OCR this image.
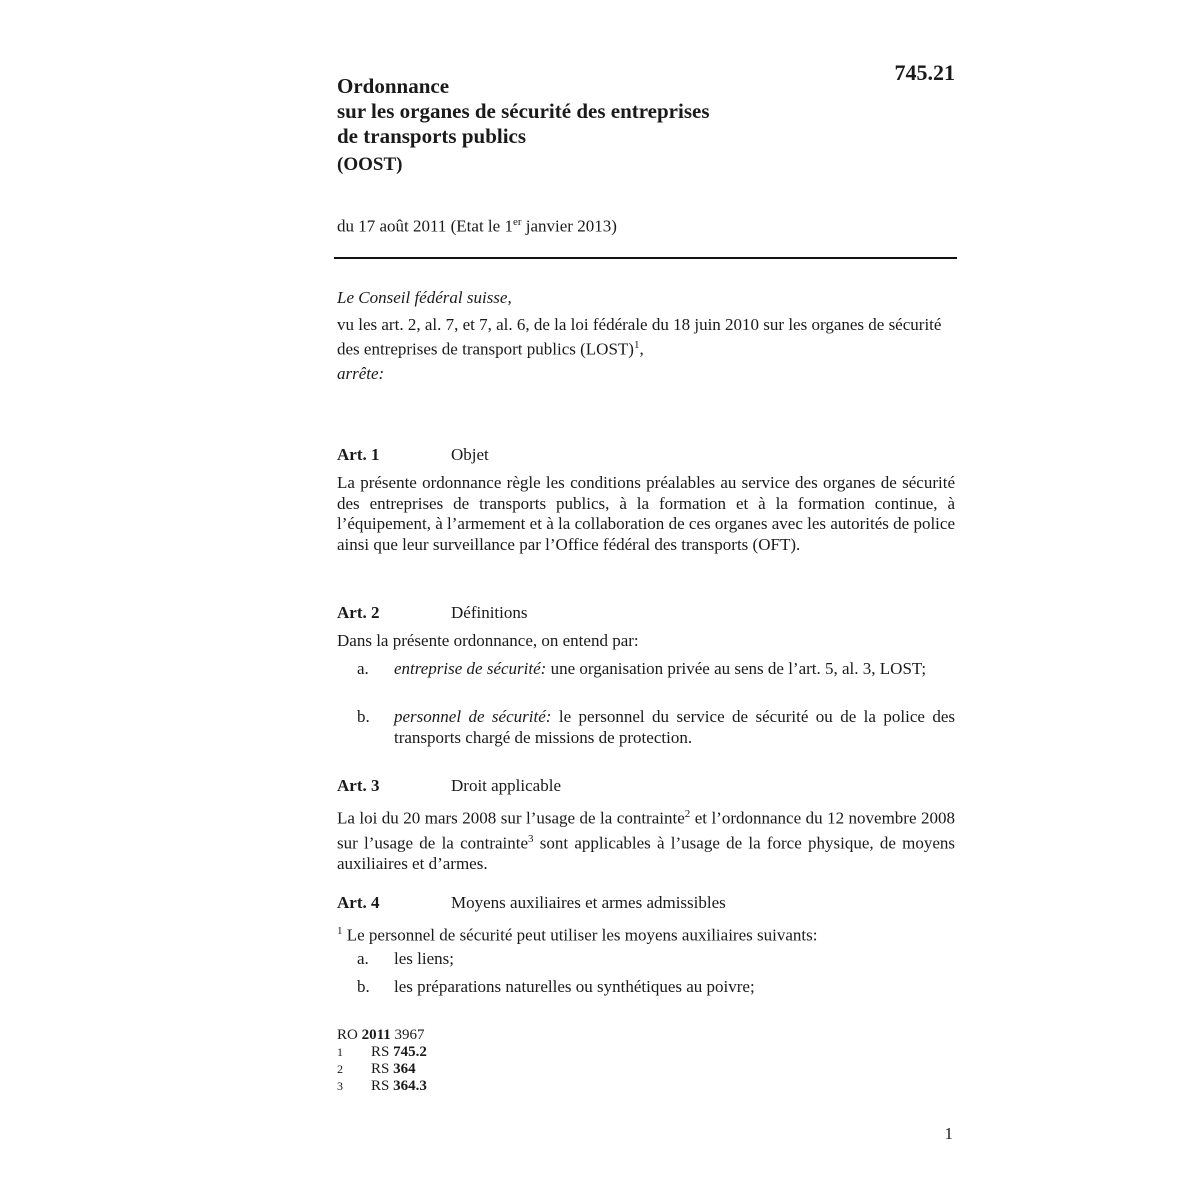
745.21
Ordonnance
sur les organes de sécurité des entreprises
de transports publics
(OOST)
du 17 août 2011 (Etat le 1er janvier 2013)

Le Conseil fédéral suisse,

vu les art. 2, al. 7, et 7, al. 6, de la loi fédérale du 18 juin 2010 sur les organes de sécurité des entreprises de transport publics (LOST)$^1$,

arrête:

Art. 1	Objet

La présente ordonnance règle les conditions préalables au service des organes de sécurité des entreprises de transports publics, à la formation et à la formation continue, à l’équipement, à l’armement et à la collaboration de ces organes avec les autorités de police ainsi que leur surveillance par l’Office fédéral des transports (OFT).

Art. 2	Définitions

Dans la présente ordonnance, on entend par:

a. entreprise de sécurité: une organisation privée au sens de l’art. 5, al. 3, LOST;
b. personnel de sécurité: le personnel du service de sécurité ou de la police des transports chargé de missions de protection.
Art. 3	Droit applicable

La loi du 20 mars 2008 sur l’usage de la contrainte$^2$ et l’ordonnance du 12 novembre 2008 sur l’usage de la contrainte$^3$ sont applicables à l’usage de la force physique, de moyens auxiliaires et d’armes.

Art. 4	Moyens auxiliaires et armes admissibles

$^1$ Le personnel de sécurité peut utiliser les moyens auxiliaires suivants:

a. les liens;
b. les préparations naturelles ou synthétiques au poivre;
RO 2011 3967
1 RS 745.2
2 RS 364
3 RS 364.3
1
